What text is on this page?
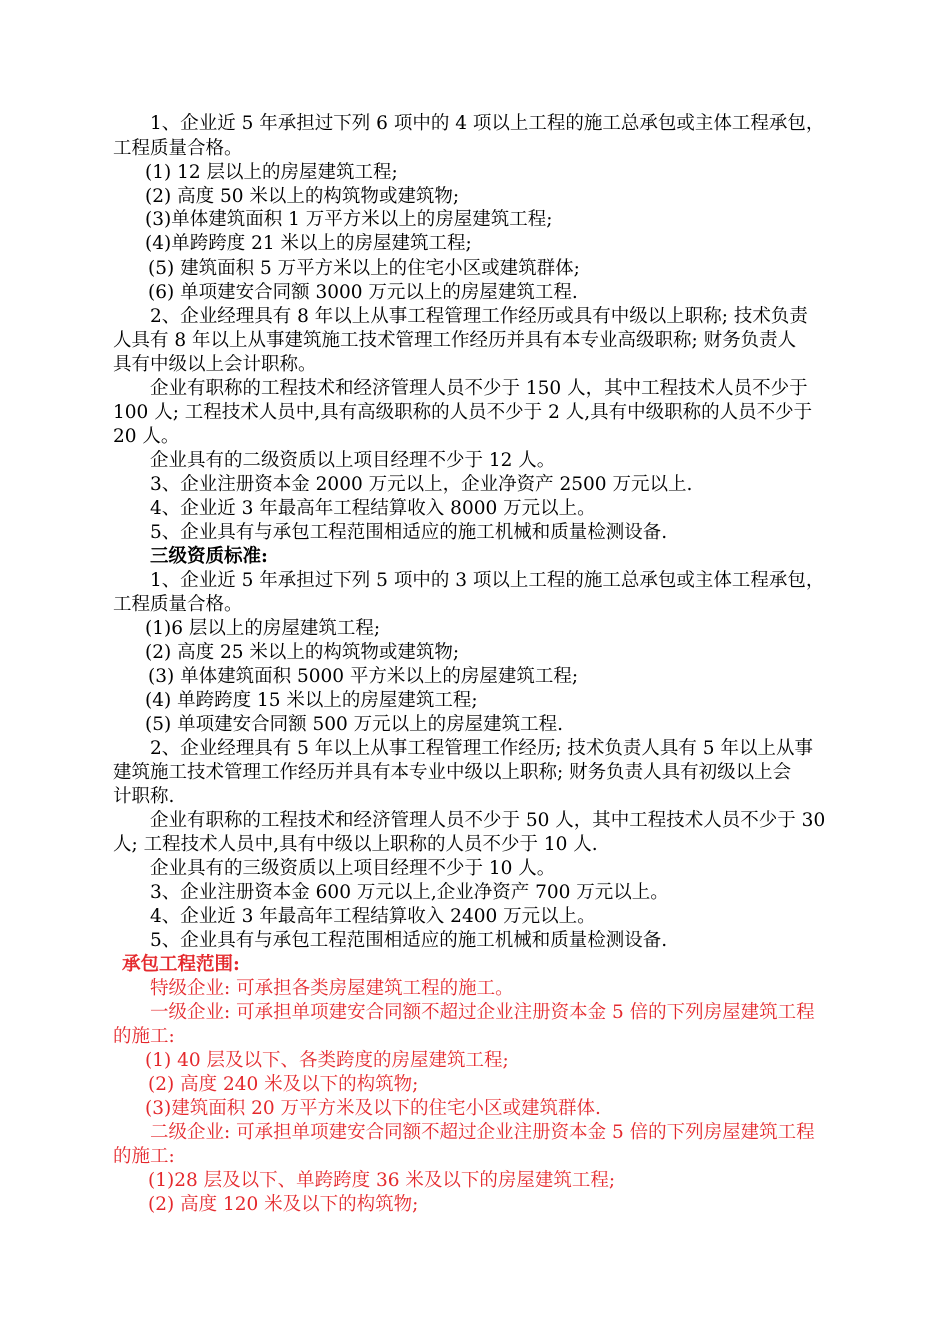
1、企业近 5 年承担过下列 6 项中的 4 项以上工程的施工总承包或主体工程承包，
工程质量合格。
(1) 12 层以上的房屋建筑工程;
(2) 高度 50 米以上的构筑物或建筑物;
(3)单体建筑面积 1 万平方米以上的房屋建筑工程;
(4)单跨跨度 21 米以上的房屋建筑工程;
(5) 建筑面积 5 万平方米以上的住宅小区或建筑群体;
(6) 单项建安合同额 3000 万元以上的房屋建筑工程.
2、企业经理具有 8 年以上从事工程管理工作经历或具有中级以上职称; 技术负责
人具有 8 年以上从事建筑施工技术管理工作经历并具有本专业高级职称; 财务负责人
具有中级以上会计职称。
企业有职称的工程技术和经济管理人员不少于 150 人，其中工程技术人员不少于
100 人; 工程技术人员中,具有高级职称的人员不少于 2 人,具有中级职称的人员不少于
20 人。
企业具有的二级资质以上项目经理不少于 12 人。
3、企业注册资本金 2000 万元以上，企业净资产 2500 万元以上.
4、企业近 3 年最高年工程结算收入 8000 万元以上。
5、企业具有与承包工程范围相适应的施工机械和质量检测设备.
三级资质标准:
1、企业近 5 年承担过下列 5 项中的 3 项以上工程的施工总承包或主体工程承包，
工程质量合格。
(1)6 层以上的房屋建筑工程;
(2) 高度 25 米以上的构筑物或建筑物;
(3) 单体建筑面积 5000 平方米以上的房屋建筑工程;
(4) 单跨跨度 15 米以上的房屋建筑工程;
(5) 单项建安合同额 500 万元以上的房屋建筑工程.
2、企业经理具有 5 年以上从事工程管理工作经历; 技术负责人具有 5 年以上从事
建筑施工技术管理工作经历并具有本专业中级以上职称; 财务负责人具有初级以上会
计职称.
企业有职称的工程技术和经济管理人员不少于 50 人，其中工程技术人员不少于 30
人; 工程技术人员中,具有中级以上职称的人员不少于 10 人.
企业具有的三级资质以上项目经理不少于 10 人。
3、企业注册资本金 600 万元以上,企业净资产 700 万元以上。
4、企业近 3 年最高年工程结算收入 2400 万元以上。
5、企业具有与承包工程范围相适应的施工机械和质量检测设备.
承包工程范围:
特级企业: 可承担各类房屋建筑工程的施工。
一级企业: 可承担单项建安合同额不超过企业注册资本金 5 倍的下列房屋建筑工程
的施工:
(1) 40 层及以下、各类跨度的房屋建筑工程;
(2) 高度 240 米及以下的构筑物;
(3)建筑面积 20 万平方米及以下的住宅小区或建筑群体.
二级企业: 可承担单项建安合同额不超过企业注册资本金 5 倍的下列房屋建筑工程
的施工:
(1)28 层及以下、单跨跨度 36 米及以下的房屋建筑工程;
(2) 高度 120 米及以下的构筑物;
